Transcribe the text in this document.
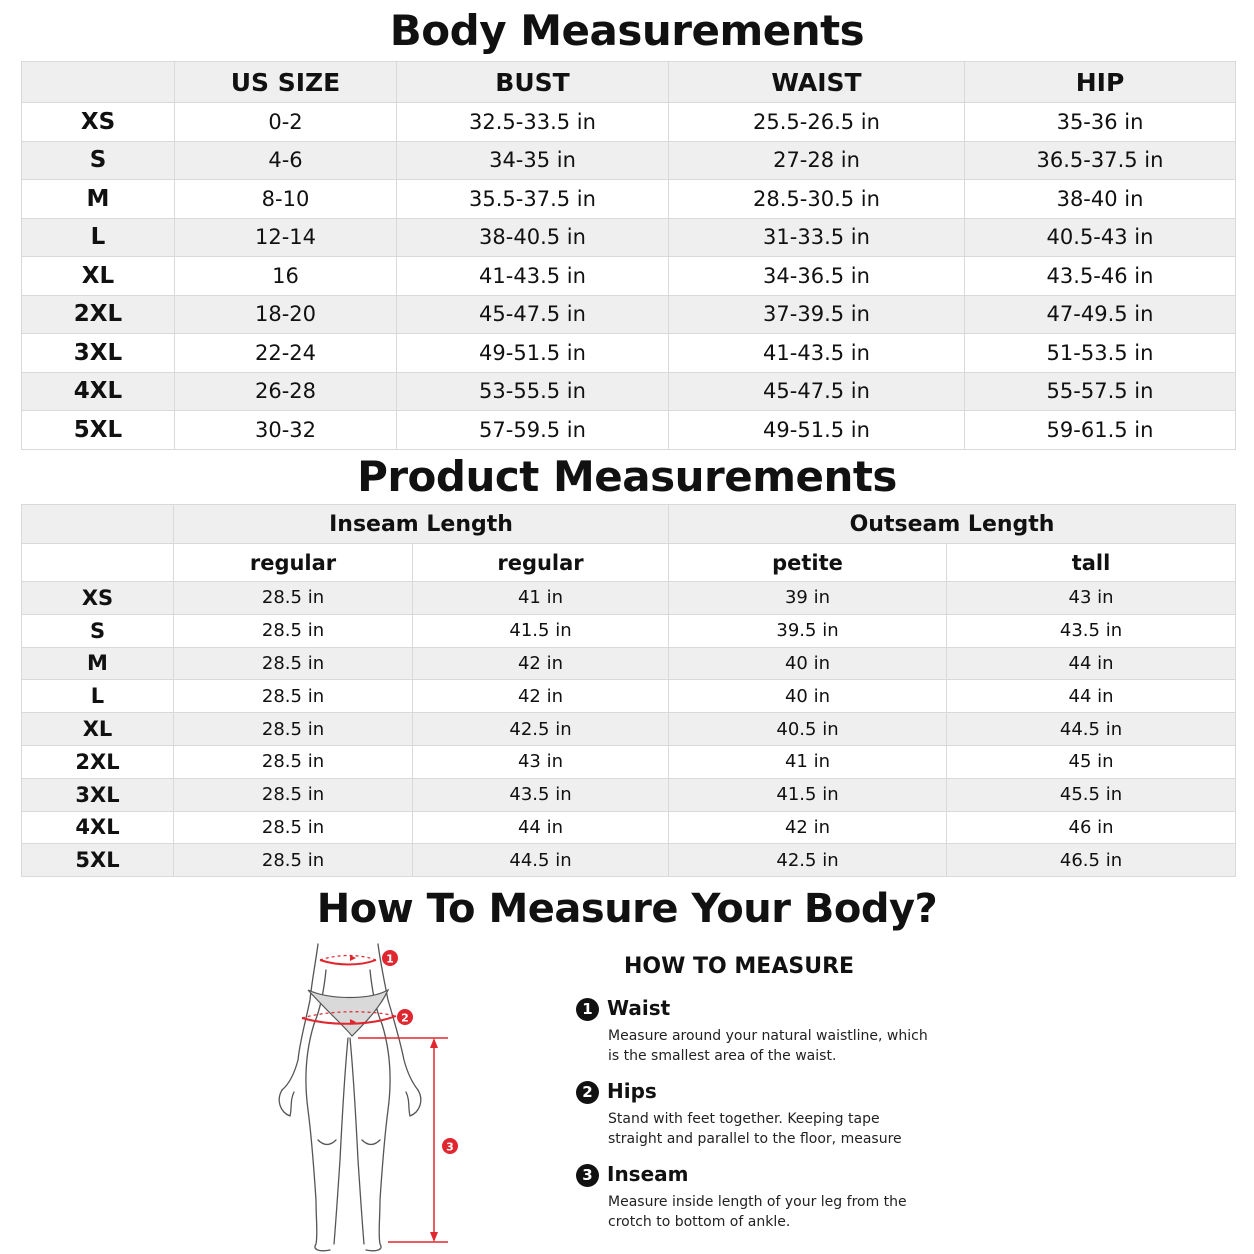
Body Measurements
	US SIZE	BUST	WAIST	HIP
XS	0-2	32.5-33.5 in	25.5-26.5 in	35-36 in
S	4-6	34-35 in	27-28 in	36.5-37.5 in
M	8-10	35.5-37.5 in	28.5-30.5 in	38-40 in
L	12-14	38-40.5 in	31-33.5 in	40.5-43 in
XL	16	41-43.5 in	34-36.5 in	43.5-46 in
2XL	18-20	45-47.5 in	37-39.5 in	47-49.5 in
3XL	22-24	49-51.5 in	41-43.5 in	51-53.5 in
4XL	26-28	53-55.5 in	45-47.5 in	55-57.5 in
5XL	30-32	57-59.5 in	49-51.5 in	59-61.5 in
Product Measurements
	Inseam Length		Outseam Length	
	regular	regular	petite	tall
XS	28.5 in	41 in	39 in	43 in
S	28.5 in	41.5 in	39.5 in	43.5 in
M	28.5 in	42 in	40 in	44 in
L	28.5 in	42 in	40 in	44 in
XL	28.5 in	42.5 in	40.5 in	44.5 in
2XL	28.5 in	43 in	41 in	45 in
3XL	28.5 in	43.5 in	41.5 in	45.5 in
4XL	28.5 in	44 in	42 in	46 in
5XL	28.5 in	44.5 in	42.5 in	46.5 in
How To Measure Your Body?
1
2
3
HOW TO MEASURE
1 Waist

Measure around your natural waistline, which is the smallest area of the waist.

2 Hips

Stand with feet together. Keeping tape straight and parallel to the floor, measure

3 Inseam

Measure inside length of your leg from the crotch to bottom of ankle.
